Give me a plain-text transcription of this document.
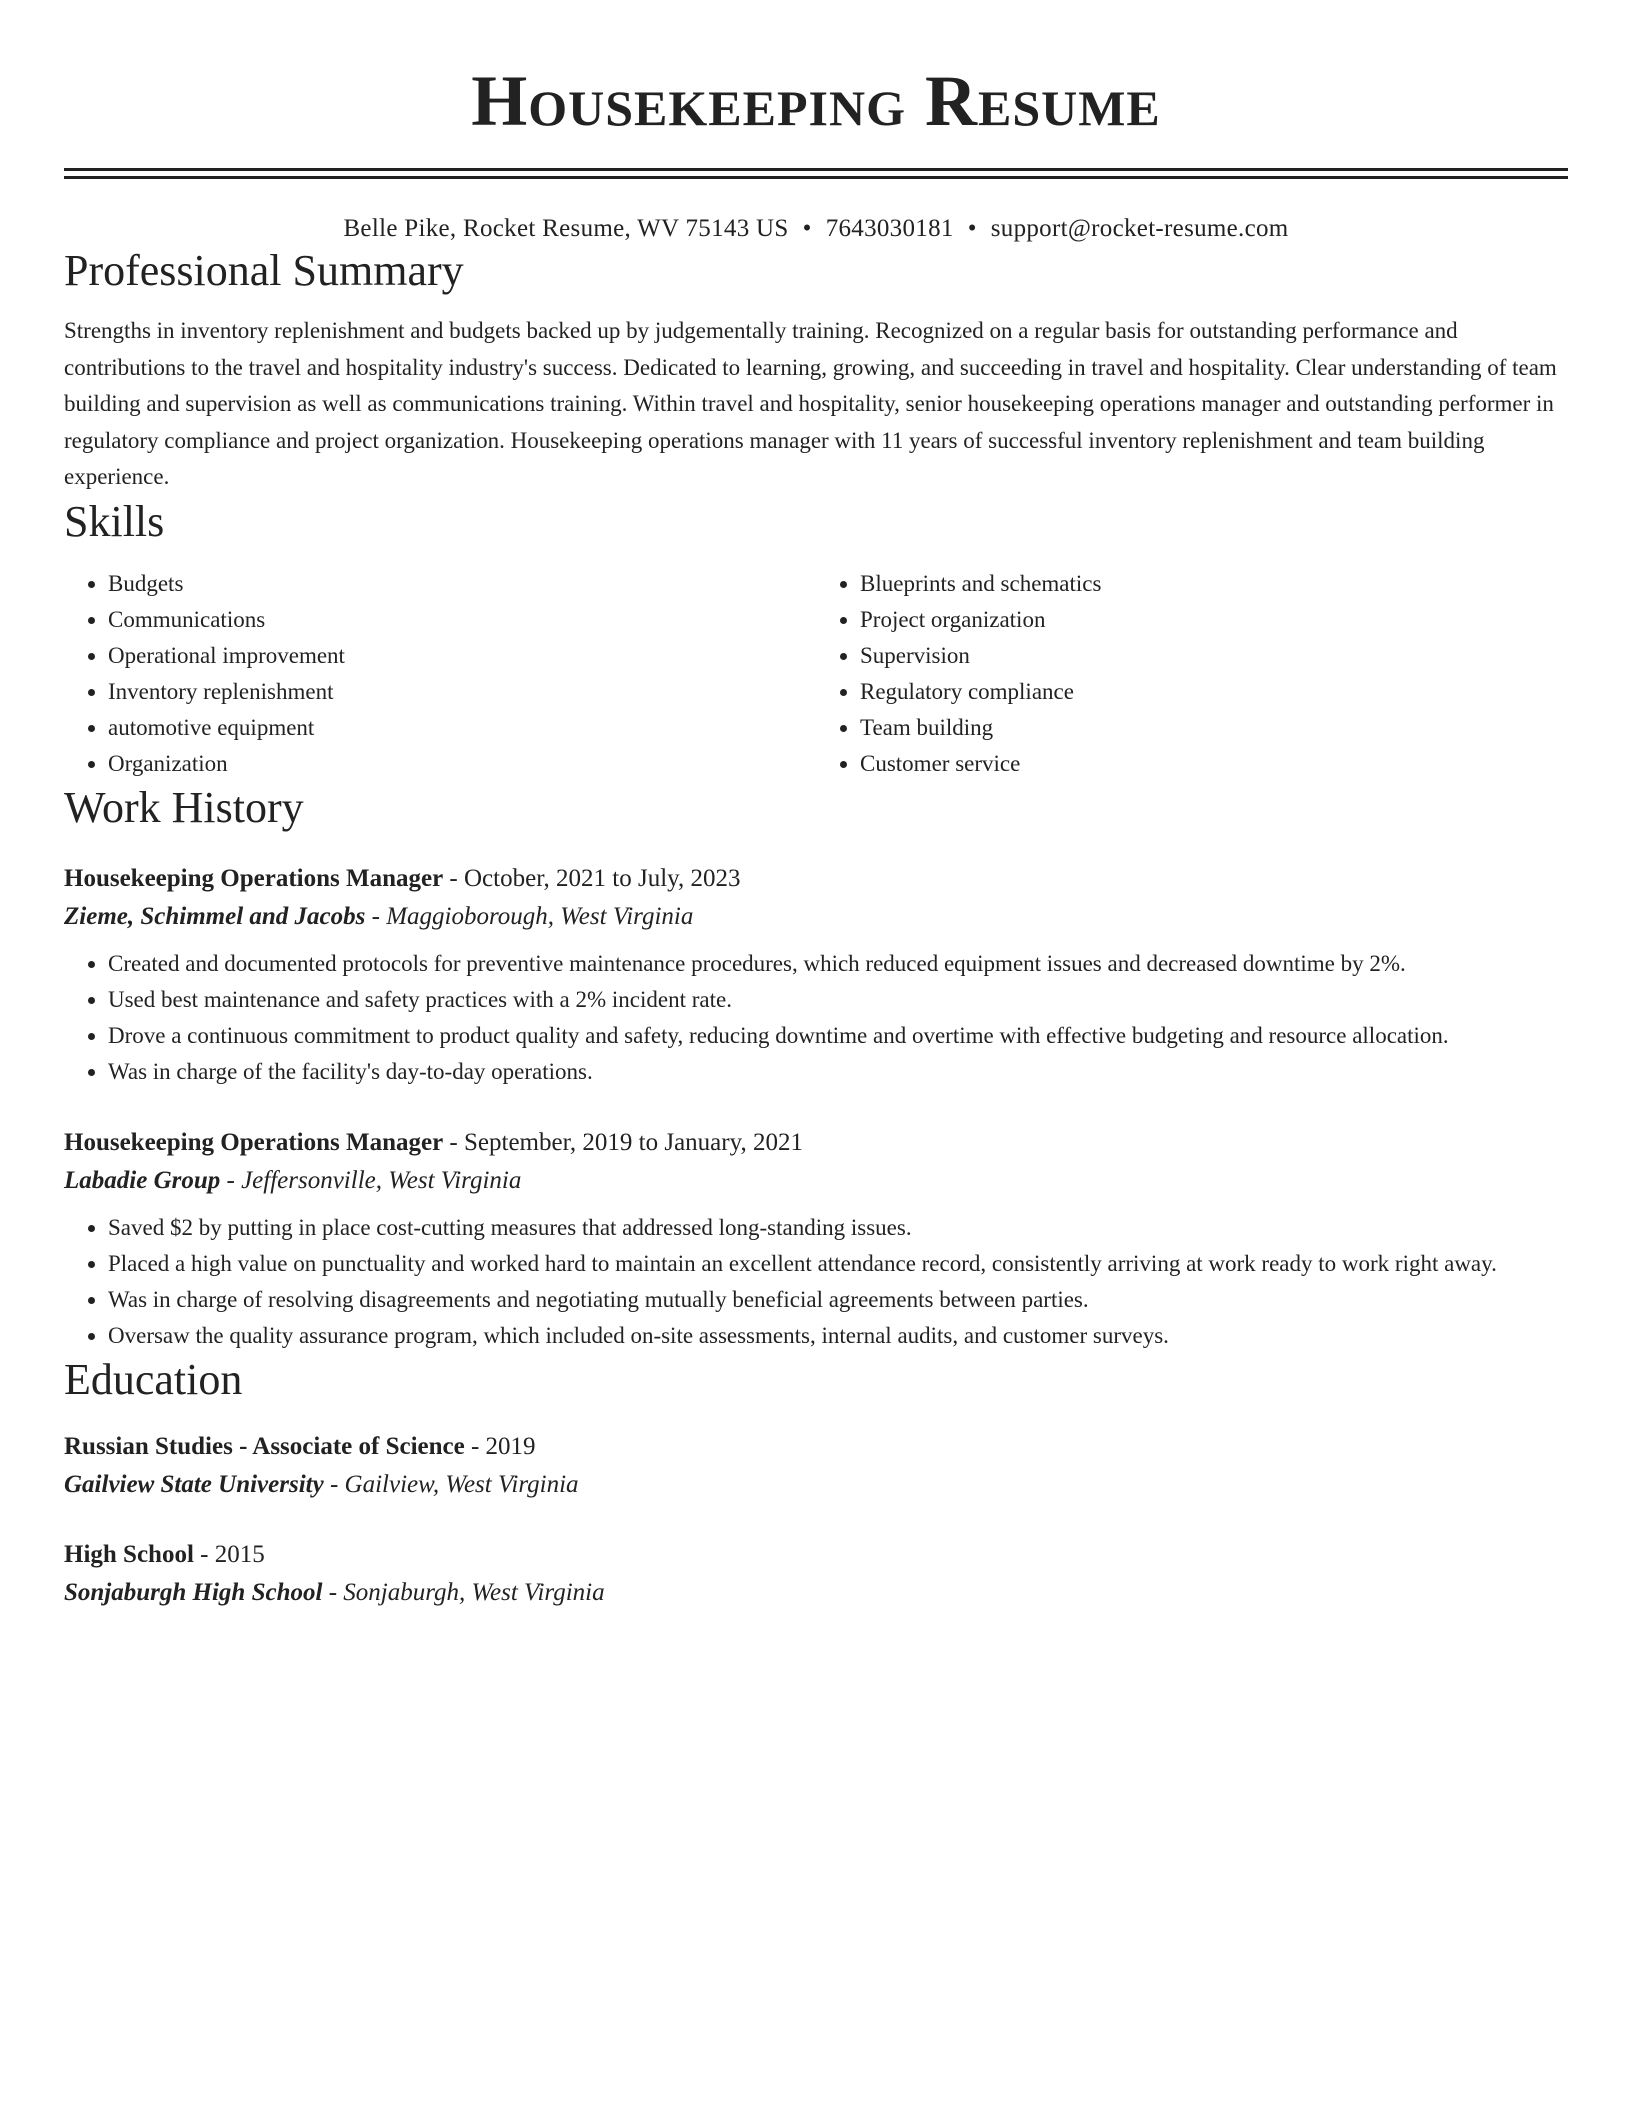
Housekeeping Resume
Belle Pike, Rocket Resume, WV 75143 US • 7643030181 • support@rocket-resume.com
Professional Summary
Strengths in inventory replenishment and budgets backed up by judgementally training. Recognized on a regular basis for outstanding performance and contributions to the travel and hospitality industry's success. Dedicated to learning, growing, and succeeding in travel and hospitality. Clear understanding of team building and supervision as well as communications training. Within travel and hospitality, senior housekeeping operations manager and outstanding performer in regulatory compliance and project organization. Housekeeping operations manager with 11 years of successful inventory replenishment and team building experience.
Skills
• Budgets
• Communications
• Operational improvement
• Inventory replenishment
• automotive equipment
• Organization
• Blueprints and schematics
• Project organization
• Supervision
• Regulatory compliance
• Team building
• Customer service
Work History
Housekeeping Operations Manager - October, 2021 to July, 2023
Zieme, Schimmel and Jacobs - Maggioborough, West Virginia
• Created and documented protocols for preventive maintenance procedures, which reduced equipment issues and decreased downtime by 2%.
• Used best maintenance and safety practices with a 2% incident rate.
• Drove a continuous commitment to product quality and safety, reducing downtime and overtime with effective budgeting and resource allocation.
• Was in charge of the facility's day-to-day operations.
Housekeeping Operations Manager - September, 2019 to January, 2021
Labadie Group - Jeffersonville, West Virginia
• Saved $2 by putting in place cost-cutting measures that addressed long-standing issues.
• Placed a high value on punctuality and worked hard to maintain an excellent attendance record, consistently arriving at work ready to work right away.
• Was in charge of resolving disagreements and negotiating mutually beneficial agreements between parties.
• Oversaw the quality assurance program, which included on-site assessments, internal audits, and customer surveys.
Education
Russian Studies - Associate of Science - 2019
Gailview State University - Gailview, West Virginia
High School - 2015
Sonjaburgh High School - Sonjaburgh, West Virginia
